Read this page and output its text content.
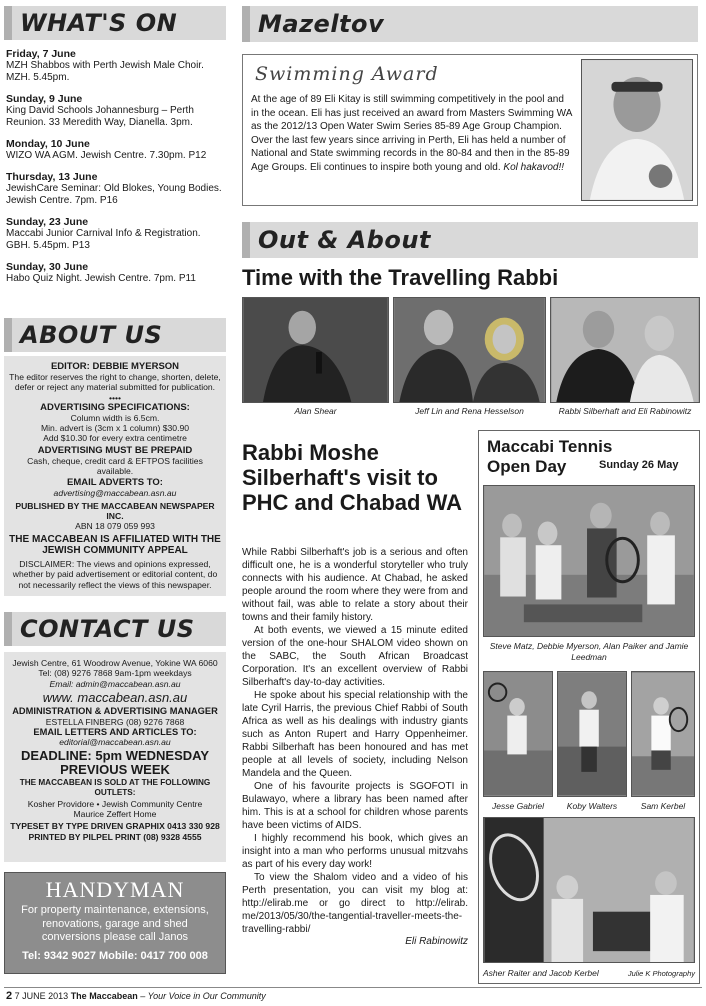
WHAT'S ON
Friday, 7 June
MZH Shabbos with Perth Jewish Male Choir. MZH. 5.45pm.
Sunday, 9 June
King David Schools Johannesburg – Perth Reunion. 33 Meredith Way, Dianella. 3pm.
Monday, 10 June
WIZO WA AGM. Jewish Centre. 7.30pm. P12
Thursday, 13 June
JewishCare Seminar: Old Blokes, Young Bodies. Jewish Centre. 7pm. P16
Sunday, 23 June
Maccabi Junior Carnival Info & Registration. GBH. 5.45pm. P13
Sunday, 30 June
Habo Quiz Night. Jewish Centre. 7pm. P11
ABOUT US
EDITOR: DEBBIE MYERSON
The editor reserves the right to change, shorten, delete, defer or reject any material submitted for publication.
••••
ADVERTISING SPECIFICATIONS:
Column width is 6.5cm.
Min. advert is (3cm x 1 column) $30.90
Add $10.30 for every extra centimetre
ADVERTISING MUST BE PREPAID
Cash, cheque, credit card & EFTPOS facilities available.
EMAIL ADVERTS TO:
advertising@maccabean.asn.au
PUBLISHED BY THE MACCABEAN NEWSPAPER INC.
ABN 18 079 059 993
THE MACCABEAN IS AFFILIATED WITH THE JEWISH COMMUNITY APPEAL
DISCLAIMER: The views and opinions expressed, whether by paid advertisement or editorial content, do not necessarily reflect the views of this newspaper.
CONTACT US
Jewish Centre, 61 Woodrow Avenue, Yokine WA 6060
Tel: (08) 9276 7868 9am-1pm weekdays
Email: admin@maccabean.asn.au
www. maccabean.asn.au
ADMINISTRATION & ADVERTISING MANAGER
ESTELLA FINBERG (08) 9276 7868
EMAIL LETTERS AND ARTICLES TO:
editorial@maccabean.asn.au
DEADLINE: 5pm WEDNESDAY PREVIOUS WEEK
THE MACCABEAN IS SOLD AT THE FOLLOWING OUTLETS:
Kosher Providore • Jewish Community Centre
Maurice Zeffert Home
TYPESET BY TYPE DRIVEN GRAPHIX 0413 330 928
PRINTED BY PILPEL PRINT (08) 9328 4555
HANDYMAN
For property maintenance, extensions, renovations, garage and shed conversions please call Janos
Tel: 9342 9027 Mobile: 0417 700 008
Mazeltov
Swimming Award
At the age of 89 Eli Kitay is still swimming competitively in the pool and in the ocean. Eli has just received an award from Masters Swimming WA as the 2012/13 Open Water Swim Series 85-89 Age Group Champion. Over the last few years since arriving in Perth, Eli has held a number of National and State swimming records in the 80-84 and then in the 85-89 Age Groups. Eli continues to inspire both young and old. Kol hakavod!!
Out & About
Time with the Travelling Rabbi
Alan Shear	Jeff Lin and Rena Hesselson	Rabbi Silberhaft and Eli Rabinowitz
Rabbi Moshe Silberhaft's visit to PHC and Chabad WA

While Rabbi Silberhaft's job is a serious and often difficult one, he is a wonderful storyteller who truly connects with his audience. At Chabad, he asked people around the room where they were from and without fail, was able to relate a story about their towns and their family history.

At both events, we viewed a 15 minute edited version of the one-hour SHALOM video shown on the SABC, the South African Broadcast Corporation. It's an excellent overview of Rabbi Silberhaft's day-to-day activities.

He spoke about his special relationship with the late Cyril Harris, the previous Chief Rabbi of South Africa as well as his dealings with industry giants such as Anton Rupert and Harry Oppenheimer. Rabbi Silberhaft has been honoured and has met people at all levels of society, including Nelson Mandela and the Queen.

One of his favourite projects is SGOFOTI in Bulawayo, where a library has been named after him. This is at a school for children whose parents have been victims of AIDS.

I highly recommend his book, which gives an insight into a man who performs unusual mitzvahs as part of his every day work!

To view the Shalom video and a video of his Perth presentation, you can visit my blog at: http://elirab.me or go direct to http://elirab. me/2013/05/30/the-tangential-traveller-meets-the-travelling-rabbi/

Eli Rabinowitz
Maccabi Tennis Open Day	Sunday 26 May
Steve Matz, Debbie Myerson, Alan Paiker and Jamie Leedman
Jesse Gabriel	Koby Walters	Sam Kerbel
Asher Raiter and Jacob Kerbel	Julie K Photography
2 7 JUNE 2013 The Maccabean – Your Voice in Our Community
